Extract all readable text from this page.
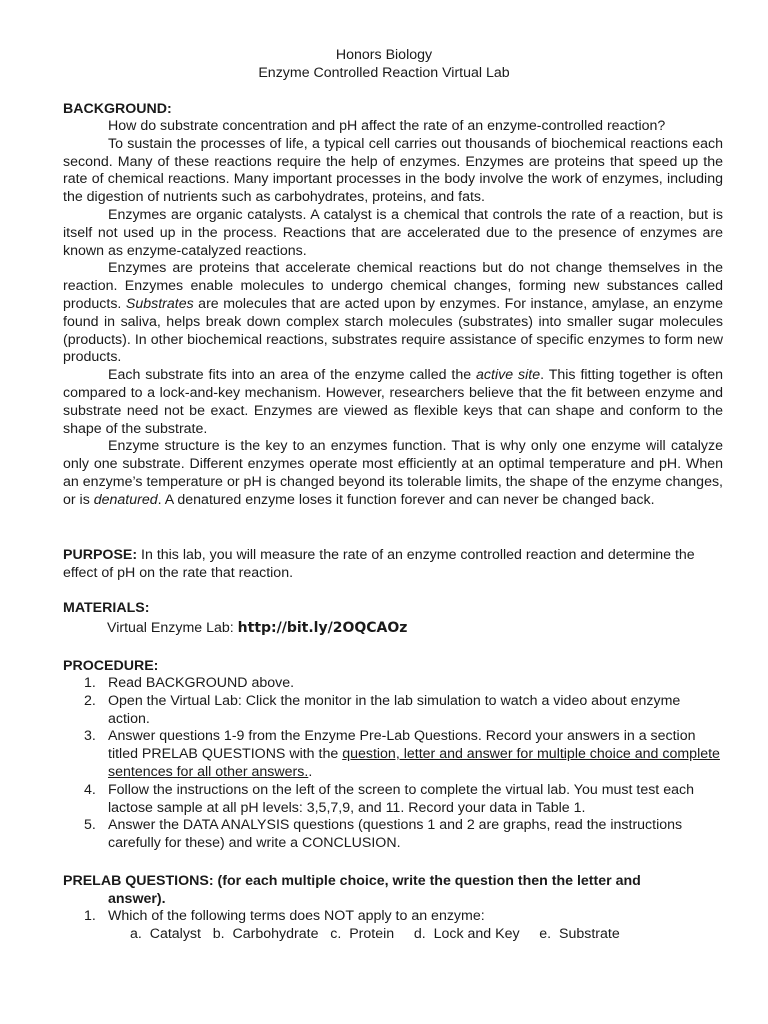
Honors Biology
Enzyme Controlled Reaction Virtual Lab
BACKGROUND:

How do substrate concentration and pH affect the rate of an enzyme-controlled reaction?

To sustain the processes of life, a typical cell carries out thousands of biochemical reactions each second. Many of these reactions require the help of enzymes. Enzymes are proteins that speed up the rate of chemical reactions. Many important processes in the body involve the work of enzymes, including the digestion of nutrients such as carbohydrates, proteins, and fats.

Enzymes are organic catalysts. A catalyst is a chemical that controls the rate of a reaction, but is itself not used up in the process. Reactions that are accelerated due to the presence of enzymes are known as enzyme-catalyzed reactions.

Enzymes are proteins that accelerate chemical reactions but do not change themselves in the reaction. Enzymes enable molecules to undergo chemical changes, forming new substances called products. Substrates are molecules that are acted upon by enzymes. For instance, amylase, an enzyme found in saliva, helps break down complex starch molecules (substrates) into smaller sugar molecules (products). In other biochemical reactions, substrates require assistance of specific enzymes to form new products.

Each substrate fits into an area of the enzyme called the active site. This fitting together is often compared to a lock-and-key mechanism. However, researchers believe that the fit between enzyme and substrate need not be exact. Enzymes are viewed as flexible keys that can shape and conform to the shape of the substrate.

Enzyme structure is the key to an enzymes function. That is why only one enzyme will catalyze only one substrate. Different enzymes operate most efficiently at an optimal temperature and pH. When an enzyme’s temperature or pH is changed beyond its tolerable limits, the shape of the enzyme changes, or is denatured. A denatured enzyme loses it function forever and can never be changed back.

PURPOSE: In this lab, you will measure the rate of an enzyme controlled reaction and determine the effect of pH on the rate that reaction.
MATERIALS:
Virtual Enzyme Lab: http://bit.ly/2OQCAOz
PROCEDURE:
1. Read BACKGROUND above.
2. Open the Virtual Lab: Click the monitor in the lab simulation to watch a video about enzyme action.
3. Answer questions 1-9 from the Enzyme Pre-Lab Questions. Record your answers in a section titled PRELAB QUESTIONS with the question, letter and answer for multiple choice and complete sentences for all other answers..
4. Follow the instructions on the left of the screen to complete the virtual lab. You must test each lactose sample at all pH levels: 3,5,7,9, and 11. Record your data in Table 1.
5. Answer the DATA ANALYSIS questions (questions 1 and 2 are graphs, read the instructions carefully for these) and write a CONCLUSION.
PRELAB QUESTIONS: (for each multiple choice, write the question then the letter and
answer).
1. Which of the following terms does NOT apply to an enzyme:
a.  Catalyst   b.  Carbohydrate   c.  Protein     d.  Lock and Key     e.  Substrate
